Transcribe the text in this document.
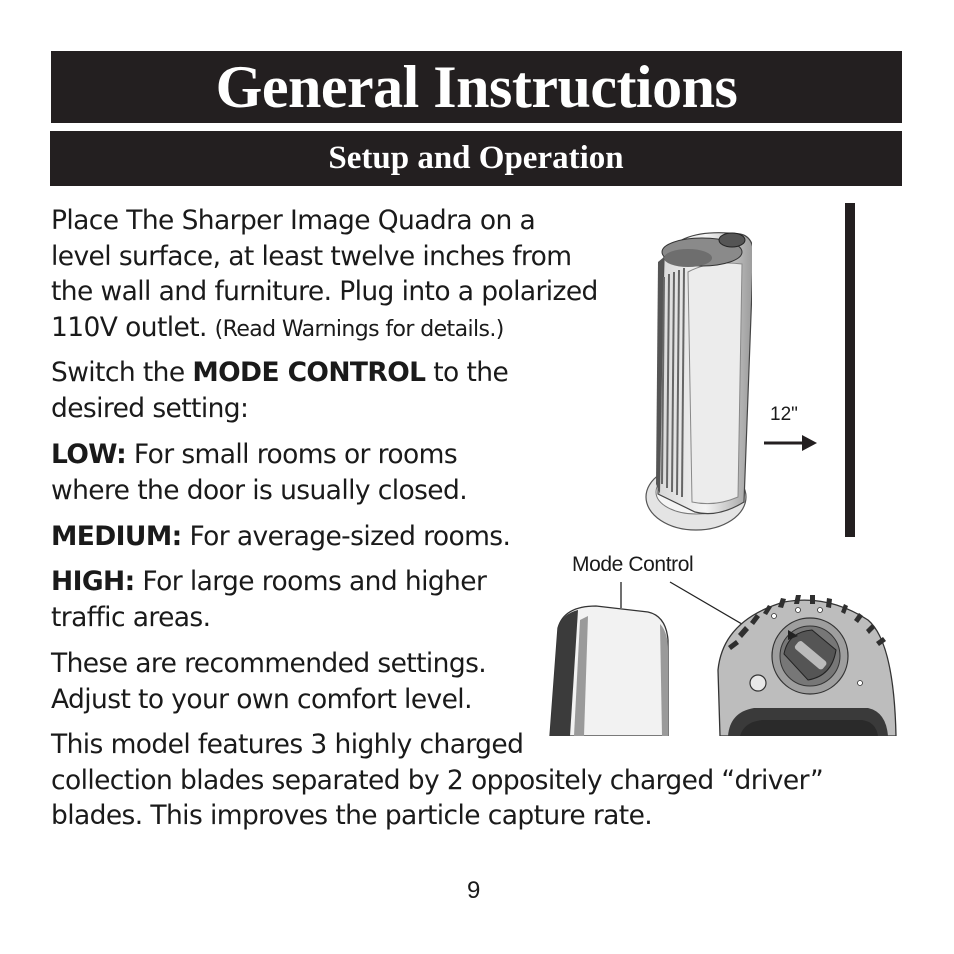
General Instructions
Setup and Operation

Place The Sharper Image Quadra on a
level surface, at least twelve inches from
the wall and furniture. Plug into a polarized
110V outlet. (Read Warnings for details.)

Switch the MODE CONTROL to the
desired setting:

LOW: For small rooms or rooms
where the door is usually closed.

MEDIUM: For average-sized rooms.

HIGH: For large rooms and higher
traffic areas.

These are recommended settings.
Adjust to your own comfort level.

This model features 3 highly charged
collection blades separated by 2 oppositely charged “driver”
blades. This improves the particle capture rate.

12"
Mode Control
9
